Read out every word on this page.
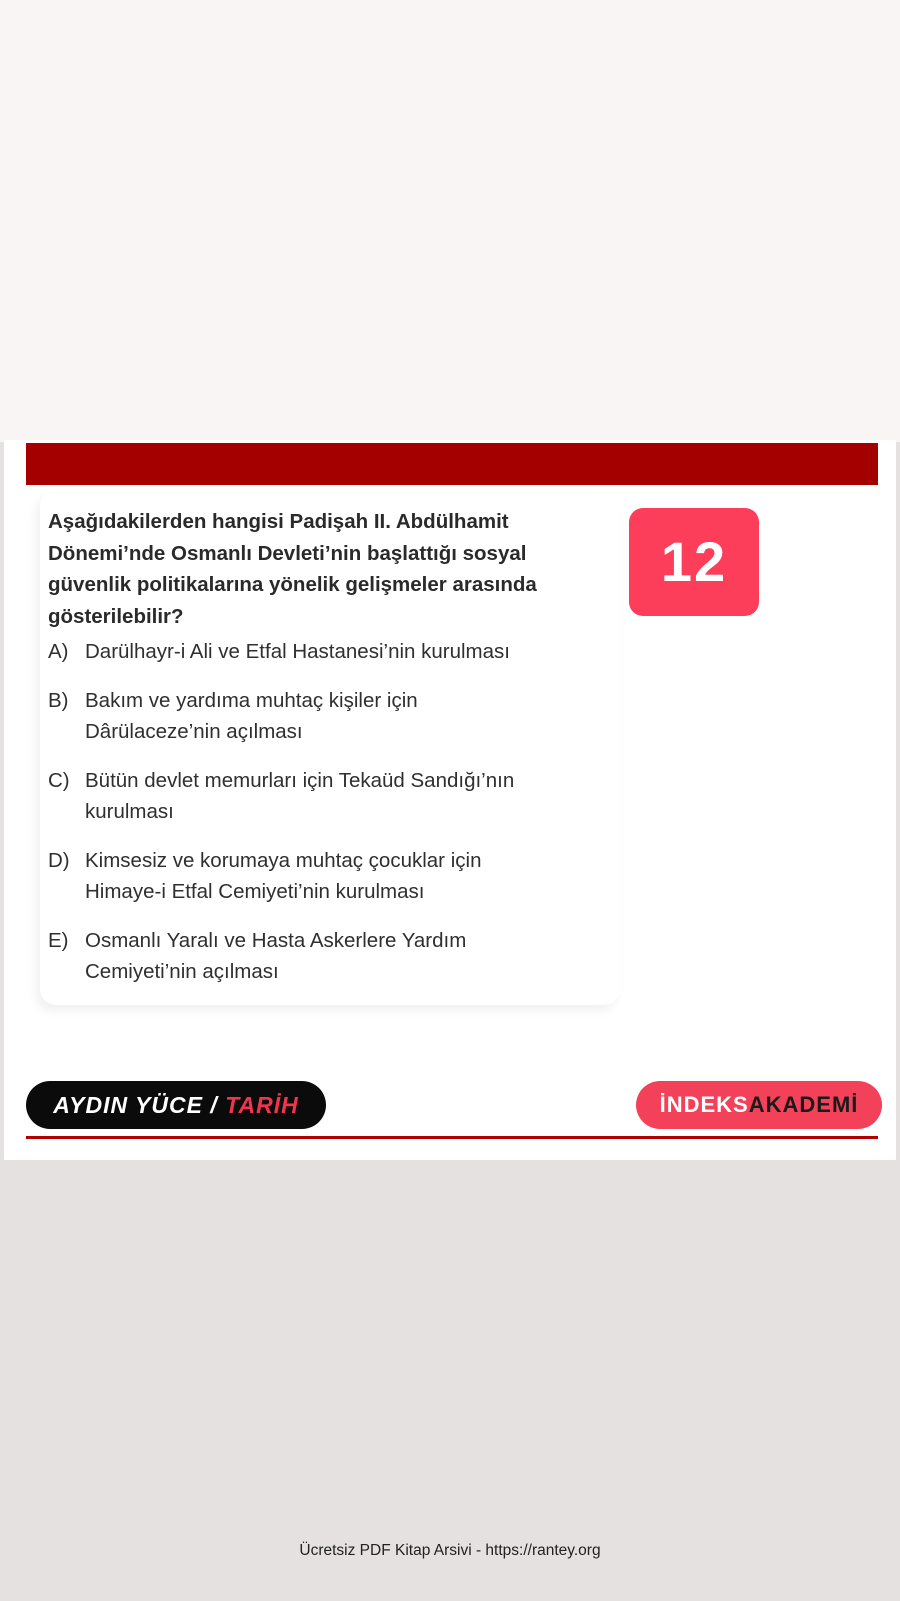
Aşağıdakilerden hangisi Padişah II. Abdülhamit Dönemi’nde Osmanlı Devleti’nin başlattığı sosyal güvenlik politikalarına yönelik gelişmeler arasında gösterilebilir?

12
A) Darülhayr-i Ali ve Etfal Hastanesi’nin kurulması
B) Bakım ve yardıma muhtaç kişiler için
Dârülaceze’nin açılması
C) Bütün devlet memurları için Tekaüd Sandığı’nın
kurulması
D) Kimsesiz ve korumaya muhtaç çocuklar için
Himaye-i Etfal Cemiyeti’nin kurulması
E) Osmanlı Yaralı ve Hasta Askerlere Yardım
Cemiyeti’nin açılması
AYDIN YÜCE / TARİH	İNDEKSAKADEMİ
Ücretsiz PDF Kitap Arsivi - https://rantey.org
